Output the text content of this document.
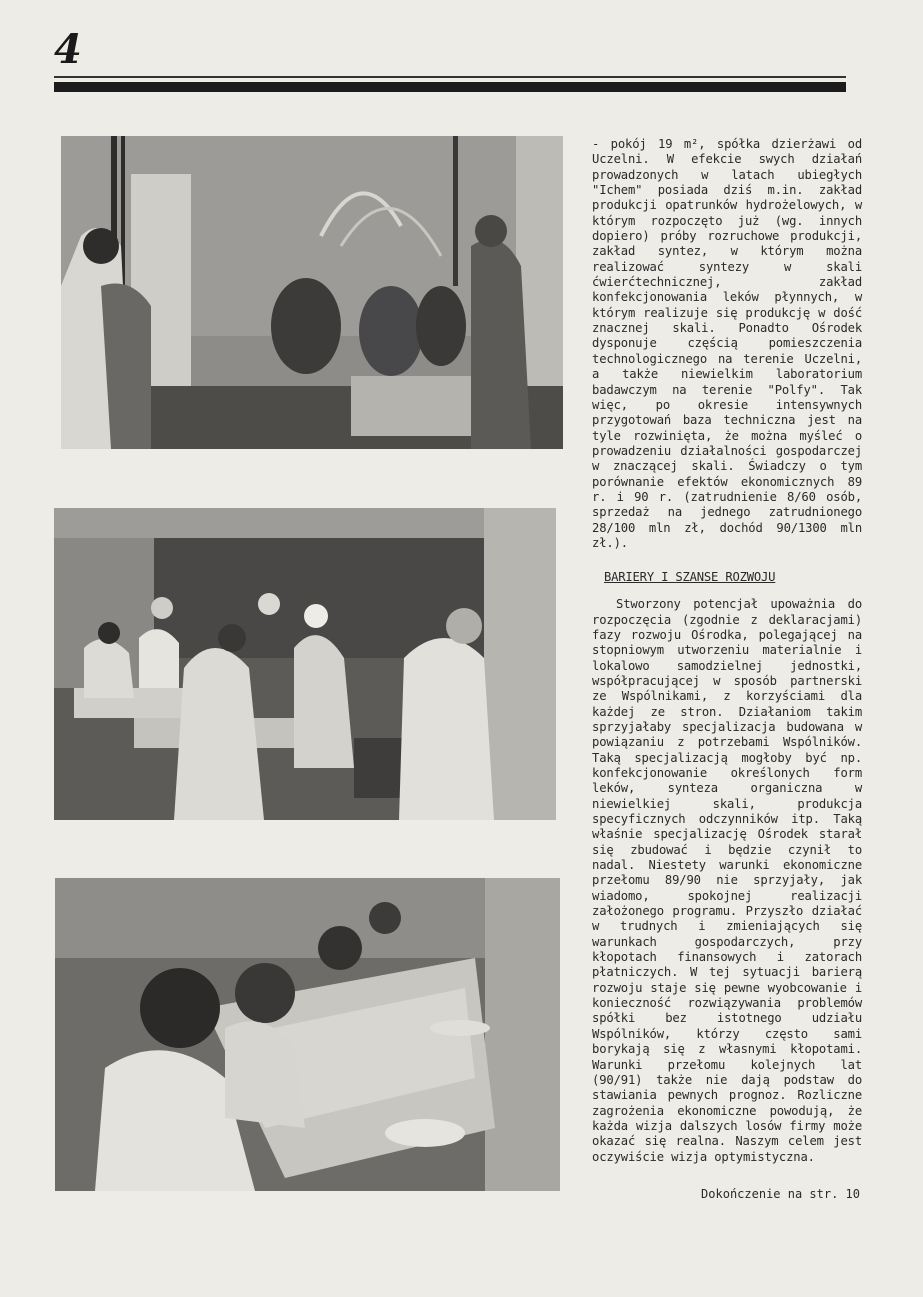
4

- pokój 19 m², spółka dzierżawi od Uczelni. W efekcie swych działań prowadzonych w latach ubiegłych "Ichem" posiada dziś m.in. zakład produkcji opatrunków hydrożelowych, w którym rozpoczęto już (wg. innych dopiero) próby rozruchowe produkcji, zakład syntez, w którym można realizować syntezy w skali ćwierćtechnicznej, zakład konfekcjonowania leków płynnych, w którym realizuje się produkcję w dość znacznej skali. Ponadto Ośrodek dysponuje częścią pomieszczenia technologicznego na terenie Uczelni, a także niewielkim laboratorium badawczym na terenie "Polfy". Tak więc, po okresie intensywnych przygotowań baza techniczna jest na tyle rozwinięta, że można myśleć o prowadzeniu działalności gospodarczej w znaczącej skali. Świadczy o tym porównanie efektów ekonomicznych 89 r. i 90 r. (zatrudnienie 8/60 osób, sprzedaż na jednego zatrudnionego 28/100 mln zł, dochód 90/1300 mln zł.).

BARIERY I SZANSE ROZWOJU

Stworzony potencjał upoważnia do rozpoczęcia (zgodnie z deklaracjami) fazy rozwoju Ośrodka, polegającej na stopniowym utworzeniu materialnie i lokalowo samodzielnej jednostki, współpracującej w sposób partnerski ze Wspólnikami, z korzyściami dla każdej ze stron. Działaniom takim sprzyjałaby specjalizacja budowana w powiązaniu z potrzebami Wspólników. Taką specjalizacją mogłoby być np. konfekcjonowanie określonych form leków, synteza organiczna w niewielkiej skali, produkcja specyficznych odczynników itp. Taką właśnie specjalizację Ośrodek starał się zbudować i będzie czynił to nadal. Niestety warunki ekonomiczne przełomu 89/90 nie sprzyjały, jak wiadomo, spokojnej realizacji założonego programu. Przyszło działać w trudnych i zmieniających się warunkach gospodarczych, przy kłopotach finansowych i zatorach płatniczych. W tej sytuacji barierą rozwoju staje się pewne wyobcowanie i konieczność rozwiązywania problemów spółki bez istotnego udziału Wspólników, którzy często sami borykają się z własnymi kłopotami. Warunki przełomu kolejnych lat (90/91) także nie dają podstaw do stawiania pewnych prognoz. Rozliczne zagrożenia ekonomiczne powodują, że każda wizja dalszych losów firmy może okazać się realna. Naszym celem jest oczywiście wizja optymistyczna.

Dokończenie na str. 10
